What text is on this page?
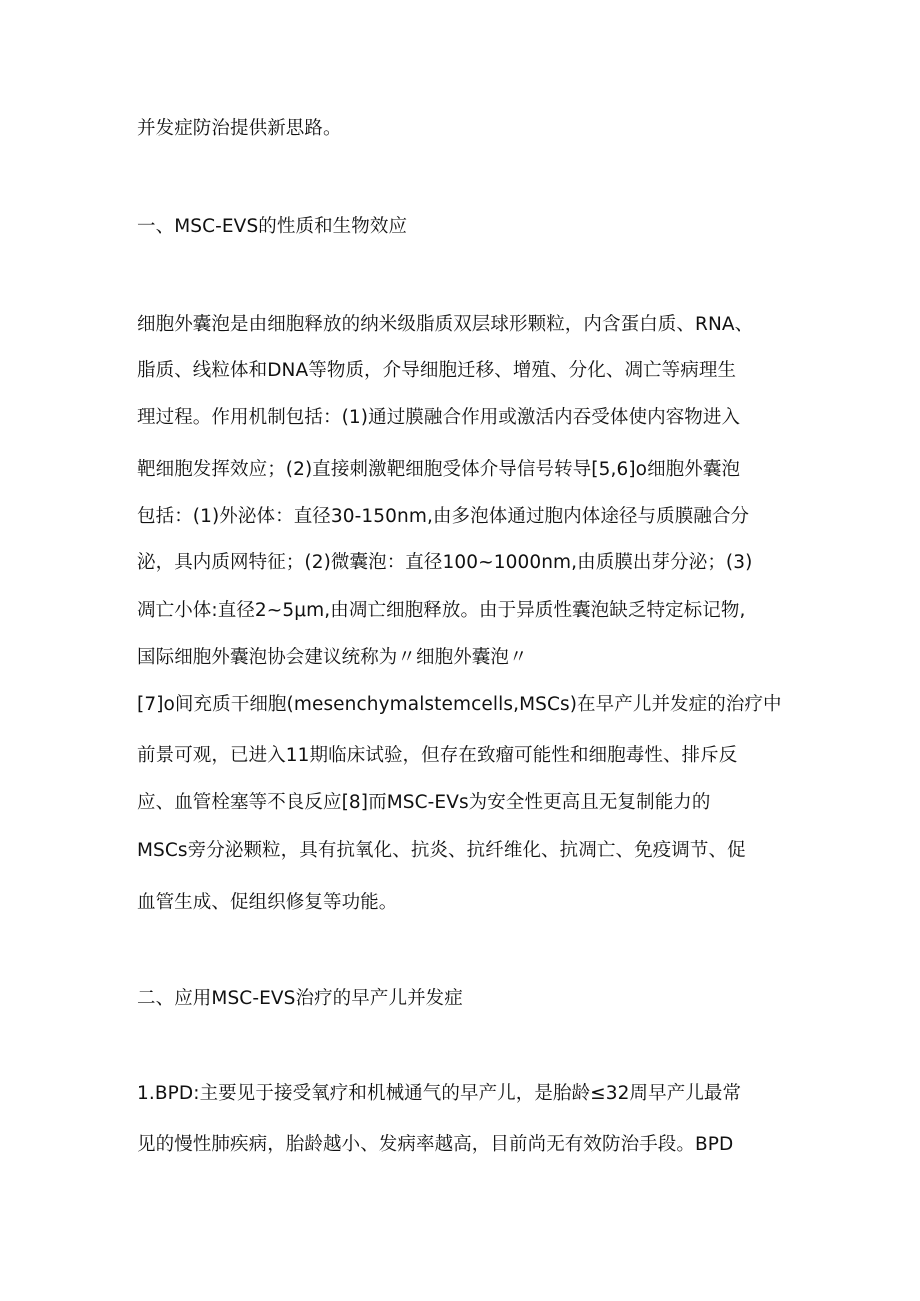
并发症防治提供新思路。
一、MSC-EVS的性质和生物效应
细胞外囊泡是由细胞释放的纳米级脂质双层球形颗粒，内含蛋白质、RNA、
脂质、线粒体和DNA等物质，介导细胞迁移、增殖、分化、凋亡等病理生
理过程。作用机制包括：(1)通过膜融合作用或激活内吞受体使内容物进入
靶细胞发挥效应；(2)直接刺激靶细胞受体介导信号转导[5,6]o细胞外囊泡
包括：(1)外泌体：直径30-150nm,由多泡体通过胞内体途径与质膜融合分
泌，具内质网特征；(2)微囊泡：直径100~1000nm,由质膜出芽分泌；(3)
凋亡小体:直径2~5μm,由凋亡细胞释放。由于异质性囊泡缺乏特定标记物,
国际细胞外囊泡协会建议统称为〃细胞外囊泡〃
[7]o间充质干细胞(mesenchymalstemcells,MSCs)在早产儿并发症的治疗中
前景可观，已进入11期临床试验，但存在致瘤可能性和细胞毒性、排斥反
应、血管栓塞等不良反应[8]而MSC-EVs为安全性更高且无复制能力的
MSCs旁分泌颗粒，具有抗氧化、抗炎、抗纤维化、抗凋亡、免疫调节、促
血管生成、促组织修复等功能。
二、应用MSC-EVS治疗的早产儿并发症
1.BPD:主要见于接受氧疗和机械通气的早产儿，是胎龄≤32周早产儿最常
见的慢性肺疾病，胎龄越小、发病率越高，目前尚无有效防治手段。BPD
